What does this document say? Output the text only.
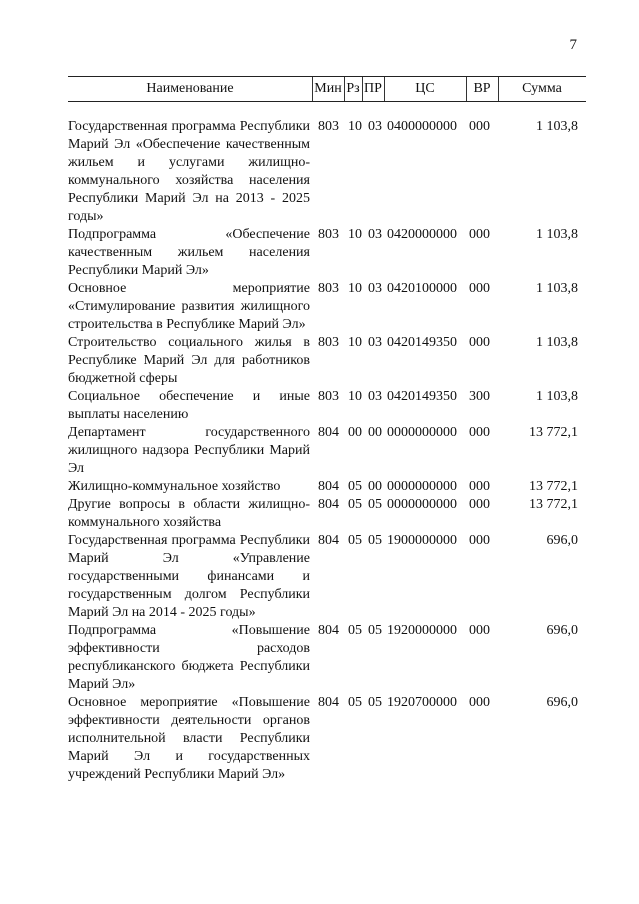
7
Наименование	Мин Рз ПР	ЦС	ВР	Сумма
Государственная программа Республики Марий Эл «Обеспечение качественным жильем и услугами жилищно-коммунального хозяйства населения Республики Марий Эл на 2013 - 2025 годы»
803 10 03 0400000000 000	1 103,8
Подпрограмма «Обеспечение качественным жильем населения Республики Марий Эл»
803 10 03 0420000000 000	1 103,8
Основное мероприятие «Стимулирование развития жилищного строительства в Республике Марий Эл»
803 10 03 0420100000 000	1 103,8
Строительство социального жилья в Республике Марий Эл для работников бюджетной сферы
803 10 03 0420149350 000	1 103,8
Социальное обеспечение и иные выплаты населению
803 10 03 0420149350 300	1 103,8
Департамент государственного жилищного надзора Республики Марий Эл
804 00 00 0000000000 000	13 772,1
Жилищно-коммунальное хозяйство	804 05 00 0000000000 000	13 772,1
Другие вопросы в области жилищно-коммунального хозяйства
804 05 05 0000000000 000	13 772,1
Государственная программа Республики Марий Эл «Управление государственными финансами и государственным долгом Республики Марий Эл на 2014 - 2025 годы»
804 05 05 1900000000 000	696,0
Подпрограмма «Повышение эффективности расходов республиканского бюджета Республики Марий Эл»
804 05 05 1920000000 000	696,0
Основное мероприятие «Повышение эффективности деятельности органов исполнительной власти Республики Марий Эл и государственных учреждений Республики Марий Эл»
804 05 05 1920700000 000	696,0
